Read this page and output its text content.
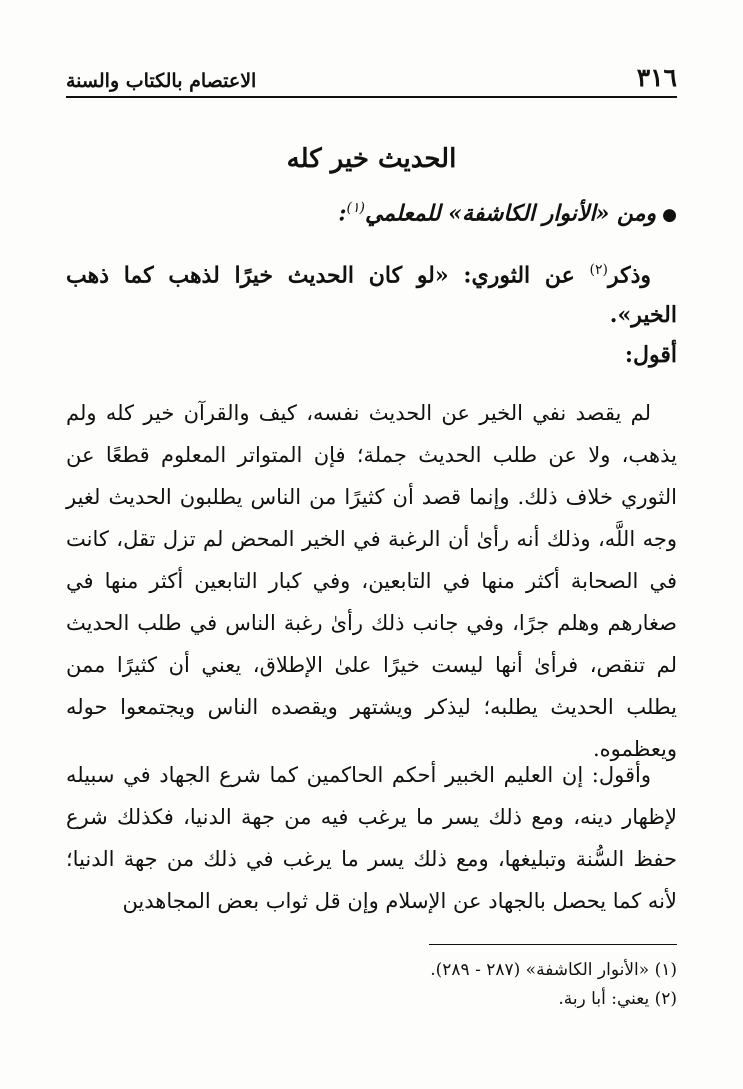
٣١٦
الاعتصام بالكتاب والسنة
الحديث خير كله
●ومن «الأنوار الكاشفة» للمعلمي$^{(١)}$:
وذكر$^{(٢)}$ عن الثوري: «لو كان الحديث خيرًا لذهب كما ذهب الخير».
أقول:

لم يقصد نفي الخير عن الحديث نفسه، كيف والقرآن خير كله ولم يذهب، ولا عن طلب الحديث جملة؛ فإن المتواتر المعلوم قطعًا عن الثوري خلاف ذلك. وإنما قصد أن كثيرًا من الناس يطلبون الحديث لغير وجه اللَّه، وذلك أنه رأىٰ أن الرغبة في الخير المحض لم تزل تقل، كانت في الصحابة أكثر منها في التابعين، وفي كبار التابعين أكثر منها في صغارهم وهلم جرًا، وفي جانب ذلك رأىٰ رغبة الناس في طلب الحديث لم تنقص، فرأىٰ أنها ليست خيرًا علىٰ الإطلاق، يعني أن كثيرًا ممن يطلب الحديث يطلبه؛ ليذكر ويشتهر ويقصده الناس ويجتمعوا حوله ويعظموه.

وأقول: إن العليم الخبير أحكم الحاكمين كما شرع الجهاد في سبيله لإظهار دينه، ومع ذلك يسر ما يرغب فيه من جهة الدنيا، فكذلك شرع حفظ السُّنة وتبليغها، ومع ذلك يسر ما يرغب في ذلك من جهة الدنيا؛ لأنه كما يحصل بالجهاد عن الإسلام وإن قل ثواب بعض المجاهدين

(١) «الأنوار الكاشفة» (٢٨٧ - ٢٨٩).
(٢) يعني: أبا ربة.
